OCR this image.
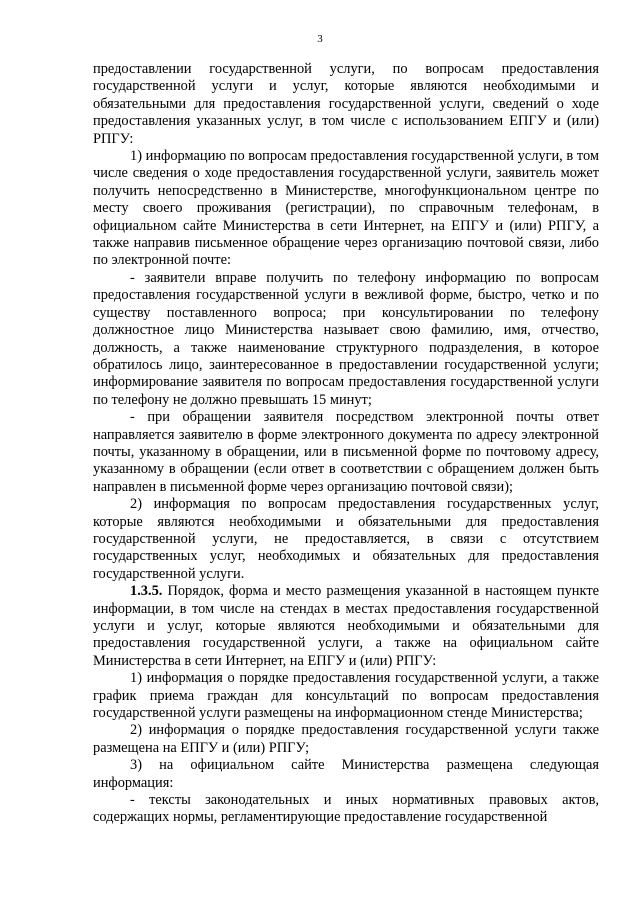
3

предоставлении государственной услуги, по вопросам предоставления государственной услуги и услуг, которые являются необходимыми и обязательными для предоставления государственной услуги, сведений о ходе предоставления указанных услуг, в том числе с использованием ЕПГУ и (или) РПГУ:

1) информацию по вопросам предоставления государственной услуги, в том числе сведения о ходе предоставления государственной услуги, заявитель может получить непосредственно в Министерстве, многофункциональном центре по месту своего проживания (регистрации), по справочным телефонам, в официальном сайте Министерства в сети Интернет, на ЕПГУ и (или) РПГУ, а также направив письменное обращение через организацию почтовой связи, либо по электронной почте:

- заявители вправе получить по телефону информацию по вопросам предоставления государственной услуги в вежливой форме, быстро, четко и по существу поставленного вопроса; при консультировании по телефону должностное лицо Министерства называет свою фамилию, имя, отчество, должность, а также наименование структурного подразделения, в которое обратилось лицо, заинтересованное в предоставлении государственной услуги; информирование заявителя по вопросам предоставления государственной услуги по телефону не должно превышать 15 минут;

- при обращении заявителя посредством электронной почты ответ направляется заявителю в форме электронного документа по адресу электронной почты, указанному в обращении, или в письменной форме по почтовому адресу, указанному в обращении (если ответ в соответствии с обращением должен быть направлен в письменной форме через организацию почтовой связи);

2) информация по вопросам предоставления государственных услуг, которые являются необходимыми и обязательными для предоставления государственной услуги, не предоставляется, в связи с отсутствием государственных услуг, необходимых и обязательных для предоставления государственной услуги.

1.3.5. Порядок, форма и место размещения указанной в настоящем пункте информации, в том числе на стендах в местах предоставления государственной услуги и услуг, которые являются необходимыми и обязательными для предоставления государственной услуги, а также на официальном сайте Министерства в сети Интернет, на ЕПГУ и (или) РПГУ:

1) информация о порядке предоставления государственной услуги, а также график приема граждан для консультаций по вопросам предоставления государственной услуги размещены на информационном стенде Министерства;

2) информация о порядке предоставления государственной услуги также размещена на ЕПГУ и (или) РПГУ;

3) на официальном сайте Министерства размещена следующая информация:

- тексты законодательных и иных нормативных правовых актов, содержащих нормы, регламентирующие предоставление государственной
